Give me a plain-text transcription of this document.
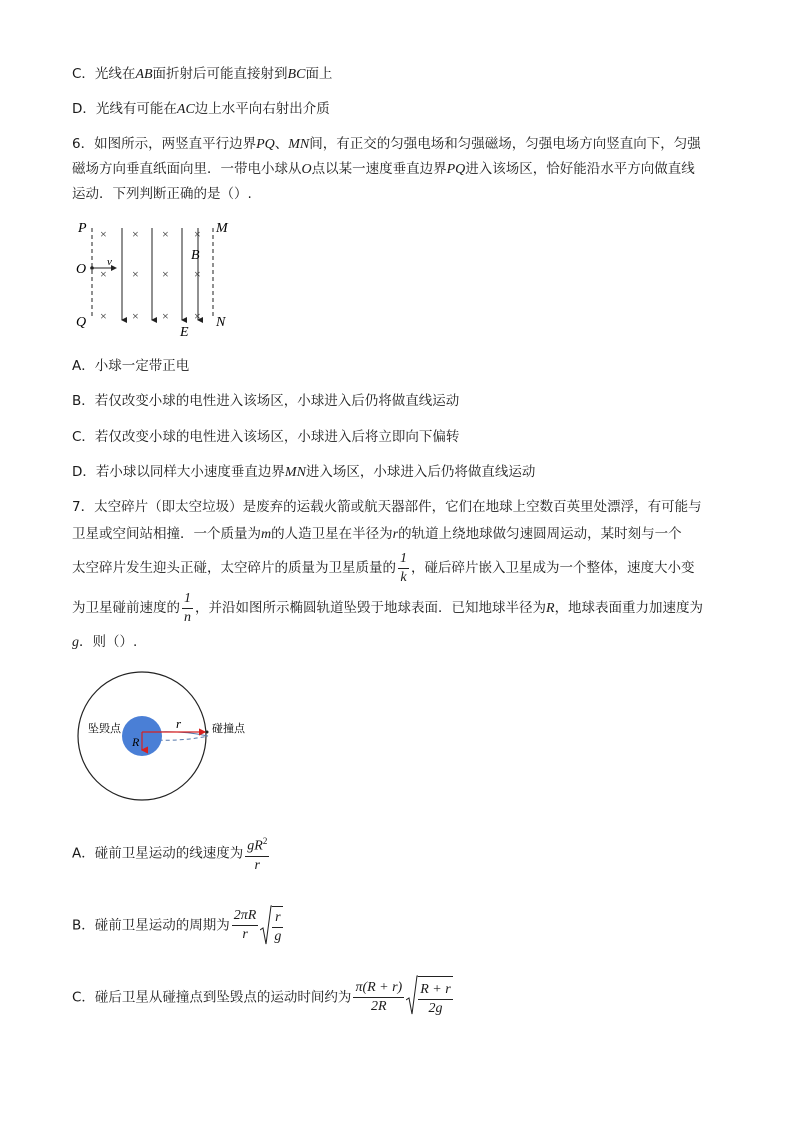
C．光线在AB面折射后可能直接射到BC面上
D．光线有可能在AC边上水平向右射出介质
6．如图所示，两竖直平行边界PQ、MN间，有正交的匀强电场和匀强磁场，匀强电场方向竖直向下，匀强
磁场方向垂直纸面向里．一带电小球从O点以某一速度垂直边界PQ进入该场区，恰好能沿水平方向做直线
运动．下列判断正确的是（）.
P
O
Q
M
N
v	B
E
× × × ×
× × × ×
× × × ×
A．小球一定带正电
B．若仅改变小球的电性进入该场区，小球进入后仍将做直线运动
C．若仅改变小球的电性进入该场区，小球进入后将立即向下偏转
D．若小球以同样大小速度垂直边界MN进入场区，小球进入后仍将做直线运动
7．太空碎片（即太空垃圾）是废弃的运载火箭或航天器部件，它们在地球上空数百英里处漂浮，有可能与
卫星或空间站相撞．一个质量为m的人造卫星在半径为r的轨道上绕地球做匀速圆周运动，某时刻与一个
太空碎片发生迎头正碰，太空碎片的质量为卫星质量的 $\frac{1}{k}$ ，碰后碎片嵌入卫星成为一个整体，速度大小变
为卫星碰前速度的 $\frac{1}{n}$ ，并沿如图所示椭圆轨道坠毁于地球表面．已知地球半径为R，地球表面重力加速度为
g．则（）.
r
R
坠毁点	碰撞点
A．碰前卫星运动的线速度为 $\frac{gR^2}{r}$
B．碰前卫星运动的周期为 $\frac{2\pi R}{r} \frac{r}{g}$
C．碰后卫星从碰撞点到坠毁点的运动时间约为 $\frac{\pi(R + r)}{2R} \frac{R + r}{2g}$
